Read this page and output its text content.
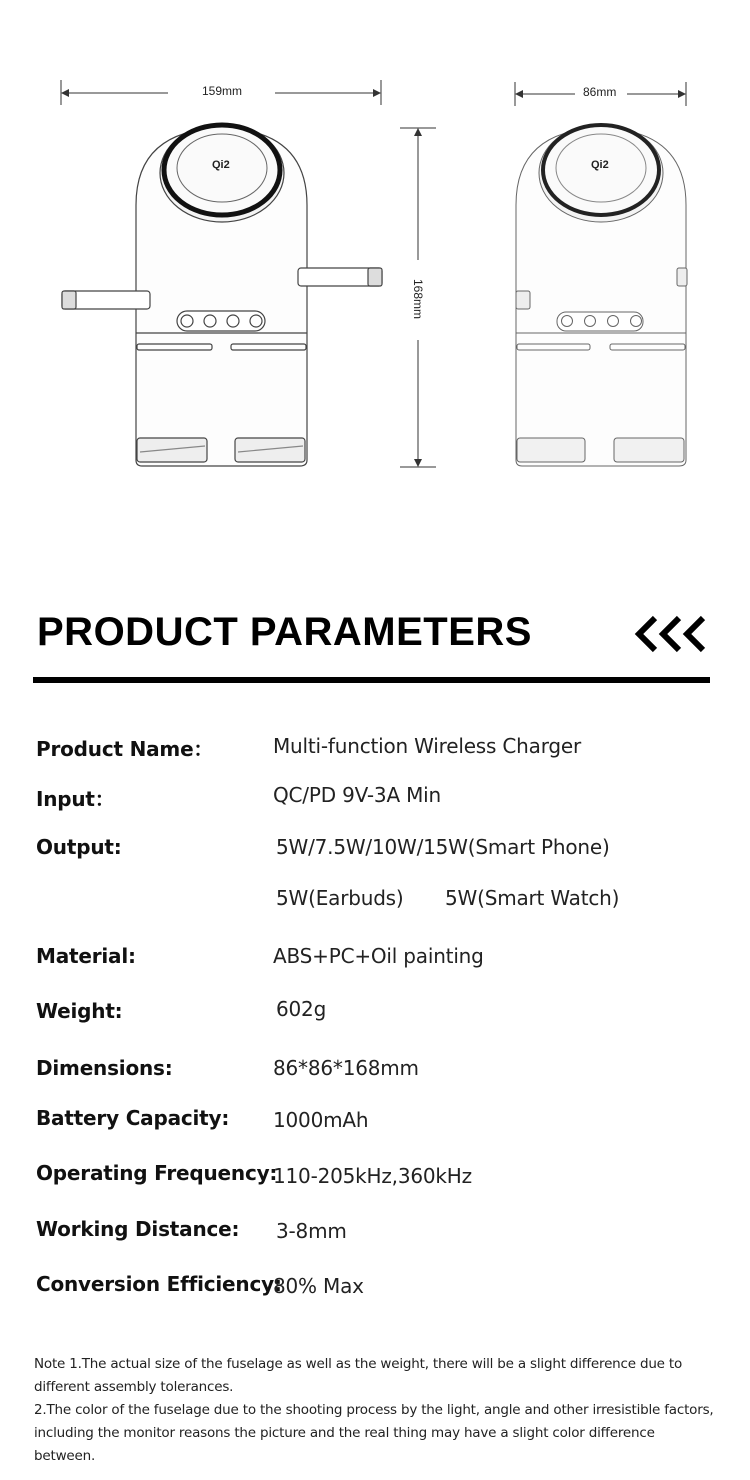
159mm
168mm
86mm
Qi2	Qi2
PRODUCT PARAMETERS
Product Name：	Multi-function Wireless Charger
Input：	QC/PD 9V-3A Min
Output:	5W/7.5W/10W/15W(Smart Phone)
5W(Earbuds) 5W(Smart Watch)
Material:	ABS+PC+Oil painting
Weight:	602g
Dimensions:	86*86*168mm
Battery Capacity: 1000mAh
Operating Frequency:
110-205kHz,360kHz
Working Distance: 3-8mm
Conversion Efficiency:
80% Max

Note 1.The actual size of the fuselage as well as the weight, there will be a slight difference due to

different assembly tolerances.

2.The color of the fuselage due to the shooting process by the light, angle and other irresistible factors,

including the monitor reasons the picture and the real thing may have a slight color difference between.
